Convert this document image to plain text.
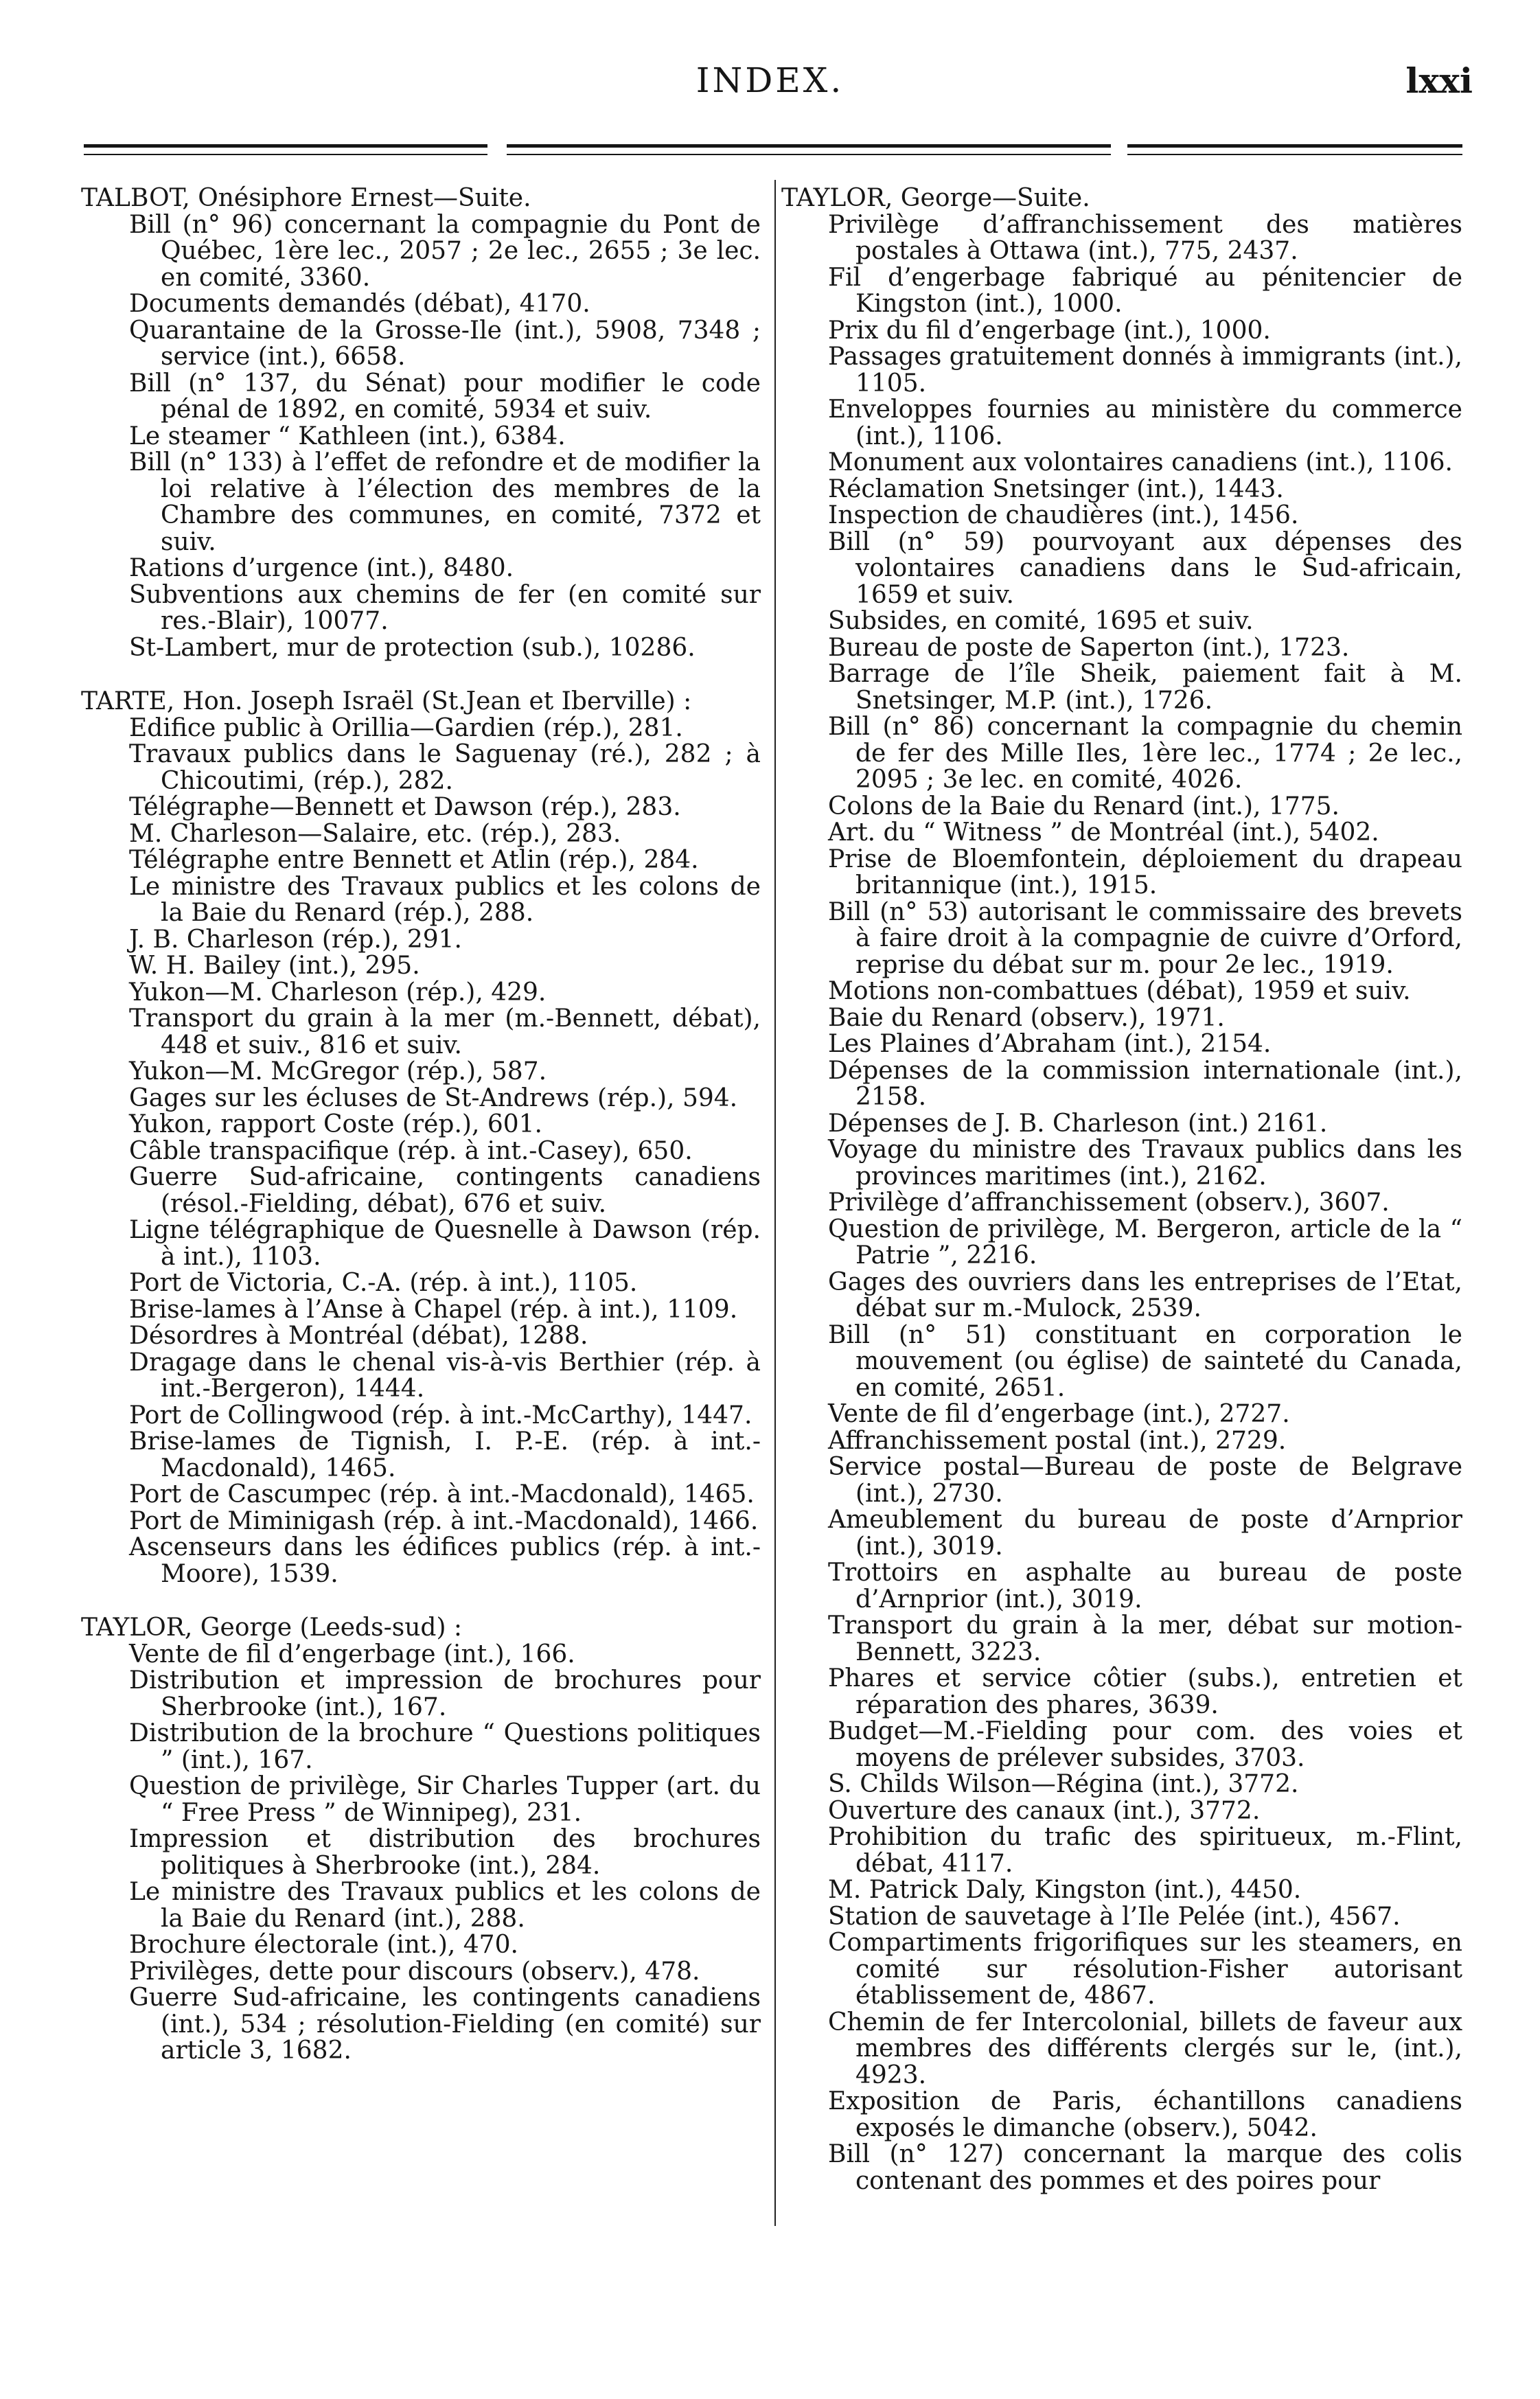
INDEX.	lxxi
TALBOT, Onésiphore Ernest—Suite.
Bill (n° 96) concernant la compagnie du Pont de Québec, 1ère lec., 2057 ; 2e lec., 2655 ; 3e lec. en comité, 3360.
Documents demandés (débat), 4170.
Quarantaine de la Grosse-Ile (int.), 5908, 7348 ; service (int.), 6658.
Bill (n° 137, du Sénat) pour modifier le code pénal de 1892, en comité, 5934 et suiv.
Le steamer “ Kathleen (int.), 6384.
Bill (n° 133) à l’effet de refondre et de modifier la loi relative à l’élection des membres de la Chambre des communes, en comité, 7372 et suiv.
Rations d’urgence (int.), 8480.
Subventions aux chemins de fer (en comité sur res.-Blair), 10077.
St-Lambert, mur de protection (sub.), 10286.
TARTE, Hon. Joseph Israël (St.Jean et Iberville) :
Edifice public à Orillia—Gardien (rép.), 281.
Travaux publics dans le Saguenay (ré.), 282 ; à Chicoutimi, (rép.), 282.
Télégraphe—Bennett et Dawson (rép.), 283.
M. Charleson—Salaire, etc. (rép.), 283.
Télégraphe entre Bennett et Atlin (rép.), 284.
Le ministre des Travaux publics et les colons de la Baie du Renard (rép.), 288.
J. B. Charleson (rép.), 291.
W. H. Bailey (int.), 295.
Yukon—M. Charleson (rép.), 429.
Transport du grain à la mer (m.-Bennett, débat), 448 et suiv., 816 et suiv.
Yukon—M. McGregor (rép.), 587.
Gages sur les écluses de St-Andrews (rép.), 594.
Yukon, rapport Coste (rép.), 601.
Câble transpacifique (rép. à int.-Casey), 650.
Guerre Sud-africaine, contingents canadiens (résol.-Fielding, débat), 676 et suiv.
Ligne télégraphique de Quesnelle à Dawson (rép. à int.), 1103.
Port de Victoria, C.-A. (rép. à int.), 1105.
Brise-lames à l’Anse à Chapel (rép. à int.), 1109.
Désordres à Montréal (débat), 1288.
Dragage dans le chenal vis-à-vis Berthier (rép. à int.-Bergeron), 1444.
Port de Collingwood (rép. à int.-McCarthy), 1447.
Brise-lames de Tignish, I. P.-E. (rép. à int.-Macdonald), 1465.
Port de Cascumpec (rép. à int.-Macdonald), 1465.
Port de Miminigash (rép. à int.-Macdonald), 1466.
Ascenseurs dans les édifices publics (rép. à int.-Moore), 1539.
TAYLOR, George (Leeds-sud) :
Vente de fil d’engerbage (int.), 166.
Distribution et impression de brochures pour Sherbrooke (int.), 167.
Distribution de la brochure “ Questions politiques ” (int.), 167.
Question de privilège, Sir Charles Tupper (art. du “ Free Press ” de Winnipeg), 231.
Impression et distribution des brochures politiques à Sherbrooke (int.), 284.
Le ministre des Travaux publics et les colons de la Baie du Renard (int.), 288.
Brochure électorale (int.), 470.
Privilèges, dette pour discours (observ.), 478.
Guerre Sud-africaine, les contingents canadiens (int.), 534 ; résolution-Fielding (en comité) sur article 3, 1682.
TAYLOR, George—Suite.
Privilège d’affranchissement des matières postales à Ottawa (int.), 775, 2437.
Fil d’engerbage fabriqué au pénitencier de Kingston (int.), 1000.
Prix du fil d’engerbage (int.), 1000.
Passages gratuitement donnés à immigrants (int.), 1105.
Enveloppes fournies au ministère du commerce (int.), 1106.
Monument aux volontaires canadiens (int.), 1106.
Réclamation Snetsinger (int.), 1443.
Inspection de chaudières (int.), 1456.
Bill (n° 59) pourvoyant aux dépenses des volontaires canadiens dans le Sud-africain, 1659 et suiv.
Subsides, en comité, 1695 et suiv.
Bureau de poste de Saperton (int.), 1723.
Barrage de l’île Sheik, paiement fait à M. Snetsinger, M.P. (int.), 1726.
Bill (n° 86) concernant la compagnie du chemin de fer des Mille Iles, 1ère lec., 1774 ; 2e lec., 2095 ; 3e lec. en comité, 4026.
Colons de la Baie du Renard (int.), 1775.
Art. du “ Witness ” de Montréal (int.), 5402.
Prise de Bloemfontein, déploiement du drapeau britannique (int.), 1915.
Bill (n° 53) autorisant le commissaire des brevets à faire droit à la compagnie de cuivre d’Orford, reprise du débat sur m. pour 2e lec., 1919.
Motions non-combattues (débat), 1959 et suiv.
Baie du Renard (observ.), 1971.
Les Plaines d’Abraham (int.), 2154.
Dépenses de la commission internationale (int.), 2158.
Dépenses de J. B. Charleson (int.) 2161.
Voyage du ministre des Travaux publics dans les provinces maritimes (int.), 2162.
Privilège d’affranchissement (observ.), 3607.
Question de privilège, M. Bergeron, article de la “ Patrie ”, 2216.
Gages des ouvriers dans les entreprises de l’Etat, débat sur m.-Mulock, 2539.
Bill (n° 51) constituant en corporation le mouvement (ou église) de sainteté du Canada, en comité, 2651.
Vente de fil d’engerbage (int.), 2727.
Affranchissement postal (int.), 2729.
Service postal—Bureau de poste de Belgrave (int.), 2730.
Ameublement du bureau de poste d’Arnprior (int.), 3019.
Trottoirs en asphalte au bureau de poste d’Arnprior (int.), 3019.
Transport du grain à la mer, débat sur motion-Bennett, 3223.
Phares et service côtier (subs.), entretien et réparation des phares, 3639.
Budget—M.-Fielding pour com. des voies et moyens de prélever subsides, 3703.
S. Childs Wilson—Régina (int.), 3772.
Ouverture des canaux (int.), 3772.
Prohibition du trafic des spiritueux, m.-Flint, débat, 4117.
M. Patrick Daly, Kingston (int.), 4450.
Station de sauvetage à l’Ile Pelée (int.), 4567.
Compartiments frigorifiques sur les steamers, en comité sur résolution-Fisher autorisant établissement de, 4867.
Chemin de fer Intercolonial, billets de faveur aux membres des différents clergés sur le, (int.), 4923.
Exposition de Paris, échantillons canadiens exposés le dimanche (observ.), 5042.
Bill (n° 127) concernant la marque des colis contenant des pommes et des poires pour
